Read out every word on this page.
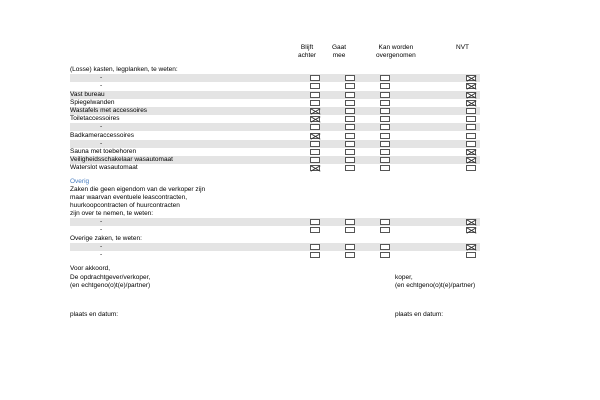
Blijft
achter
Gaat
mee
Kan worden
overgenomen
NVT
(Losse) kasten, legplanken, te weten:
-
-
Vast bureau
Spiegelwanden
Wastafels met accessoires
Toiletaccessoires
-
Badkameraccessoires
-
Sauna met toebehoren
Veiligheidsschakelaar wasautomaat
Waterslot wasautomaat
Overig
Zaken die geen eigendom van de verkoper zijn
maar waarvan eventuele leascontracten,
huurkoopcontracten of huurcontracten
zijn over te nemen, te weten:
-
-
Overige zaken, te weten:
-
-
Voor akkoord,
De opdrachtgever/verkoper,
(en echtgeno(o)t(e)/partner)
koper,
(en echtgeno(o)t(e)/partner)
plaats en datum:	plaats en datum:
